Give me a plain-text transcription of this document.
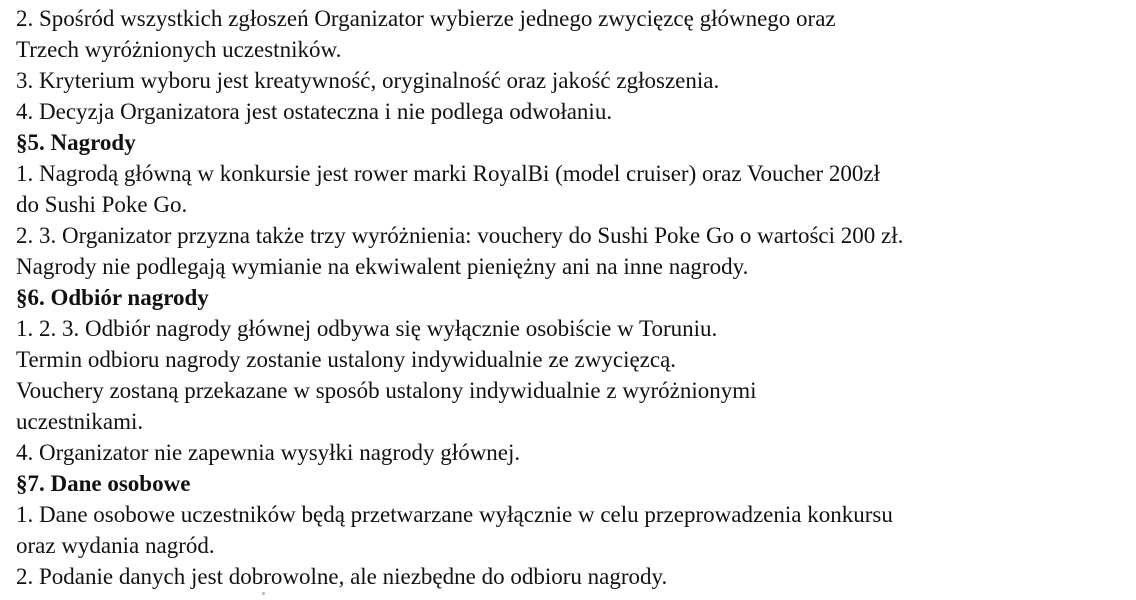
2. Spośród wszystkich zgłoszeń Organizator wybierze jednego zwycięzcę głównego oraz
Trzech wyróżnionych uczestników.
3. Kryterium wyboru jest kreatywność, oryginalność oraz jakość zgłoszenia.
4. Decyzja Organizatora jest ostateczna i nie podlega odwołaniu.
§5. Nagrody
1. Nagrodą główną w konkursie jest rower marki RoyalBi (model cruiser) oraz Voucher 200zł
do Sushi Poke Go.
2. 3. Organizator przyzna także trzy wyróżnienia: vouchery do Sushi Poke Go o wartości 200 zł.
Nagrody nie podlegają wymianie na ekwiwalent pieniężny ani na inne nagrody.
§6. Odbiór nagrody
1. 2. 3. Odbiór nagrody głównej odbywa się wyłącznie osobiście w Toruniu.
Termin odbioru nagrody zostanie ustalony indywidualnie ze zwycięzcą.
Vouchery zostaną przekazane w sposób ustalony indywidualnie z wyróżnionymi
uczestnikami.
4. Organizator nie zapewnia wysyłki nagrody głównej.
§7. Dane osobowe
1. Dane osobowe uczestników będą przetwarzane wyłącznie w celu przeprowadzenia konkursu
oraz wydania nagród.
2. Podanie danych jest dobrowolne, ale niezbędne do odbioru nagrody.
